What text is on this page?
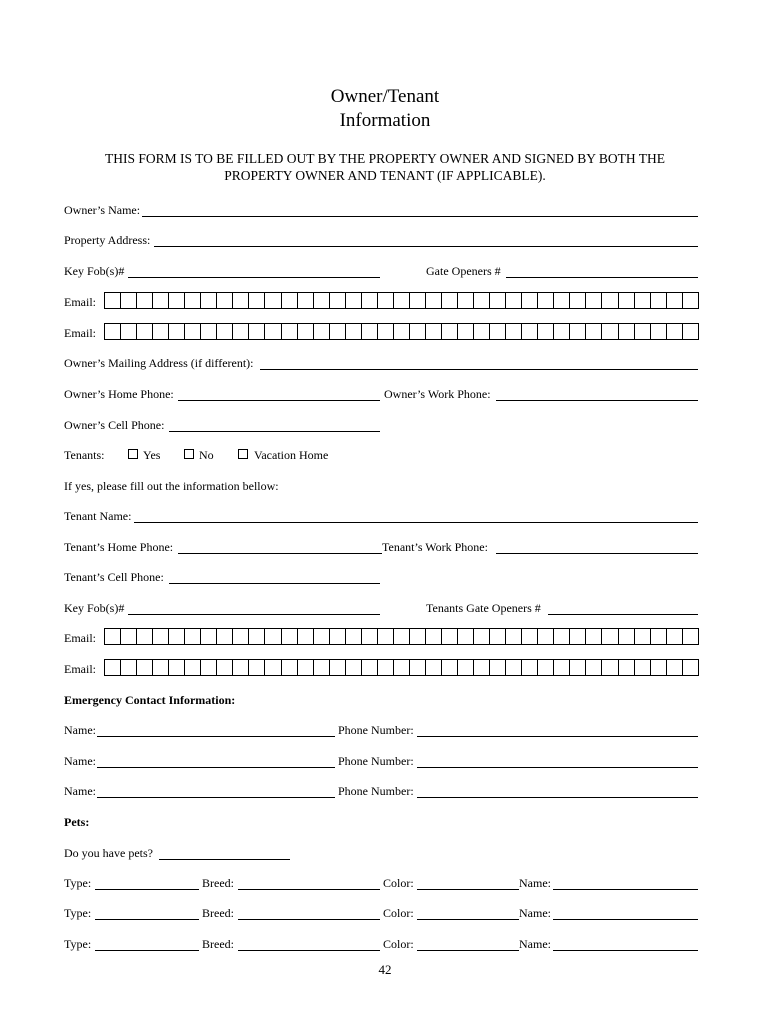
Owner/Tenant
Information
THIS FORM IS TO BE FILLED OUT BY THE PROPERTY OWNER AND SIGNED BY BOTH THE
PROPERTY OWNER AND TENANT (IF APPLICABLE).
Owner’s Name:
Property Address:
Key Fob(s)#	Gate Openers #
Email:
Email:
Owner’s Mailing Address (if different):
Owner’s Home Phone:	Owner’s Work Phone:
Owner’s Cell Phone:
Tenants:	Yes	No	Vacation Home
If yes, please fill out the information bellow:
Tenant Name:
Tenant’s Home Phone:	Tenant’s Work Phone:
Tenant’s Cell Phone:
Key Fob(s)#	Tenants Gate Openers #
Email:
Email:
Emergency Contact Information:
Name:	Phone Number:
Name:	Phone Number:
Name:	Phone Number:
Pets:
Do you have pets?
Type:	Breed:	Color:	Name:
Type:	Breed:	Color:	Name:
Type:	Breed:	Color:	Name:
42
